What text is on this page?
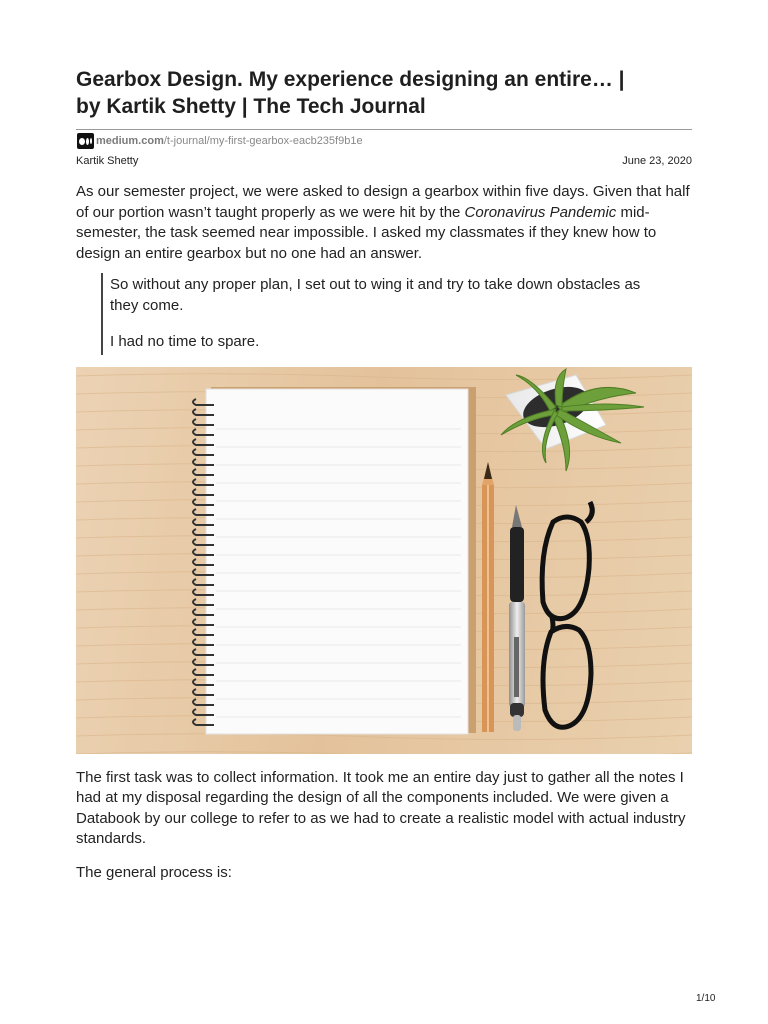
Gearbox Design. My experience designing an entire… |
by Kartik Shetty | The Tech Journal
medium.com /t-journal/my-first-gearbox-eacb235f9b1e
Kartik Shetty	June 23, 2020

As our semester project, we were asked to design a gearbox within five days. Given that half of our portion wasn’t taught properly as we were hit by the Coronavirus Pandemic mid-semester, the task seemed near impossible. I asked my classmates if they knew how to design an entire gearbox but no one had an answer.

So without any proper plan, I set out to wing it and try to take down obstacles as they come.

I had no time to spare.

The first task was to collect information. It took me an entire day just to gather all the notes I had at my disposal regarding the design of all the components included. We were given a Databook by our college to refer to as we had to create a realistic model with actual industry standards.

The general process is:

1/10
